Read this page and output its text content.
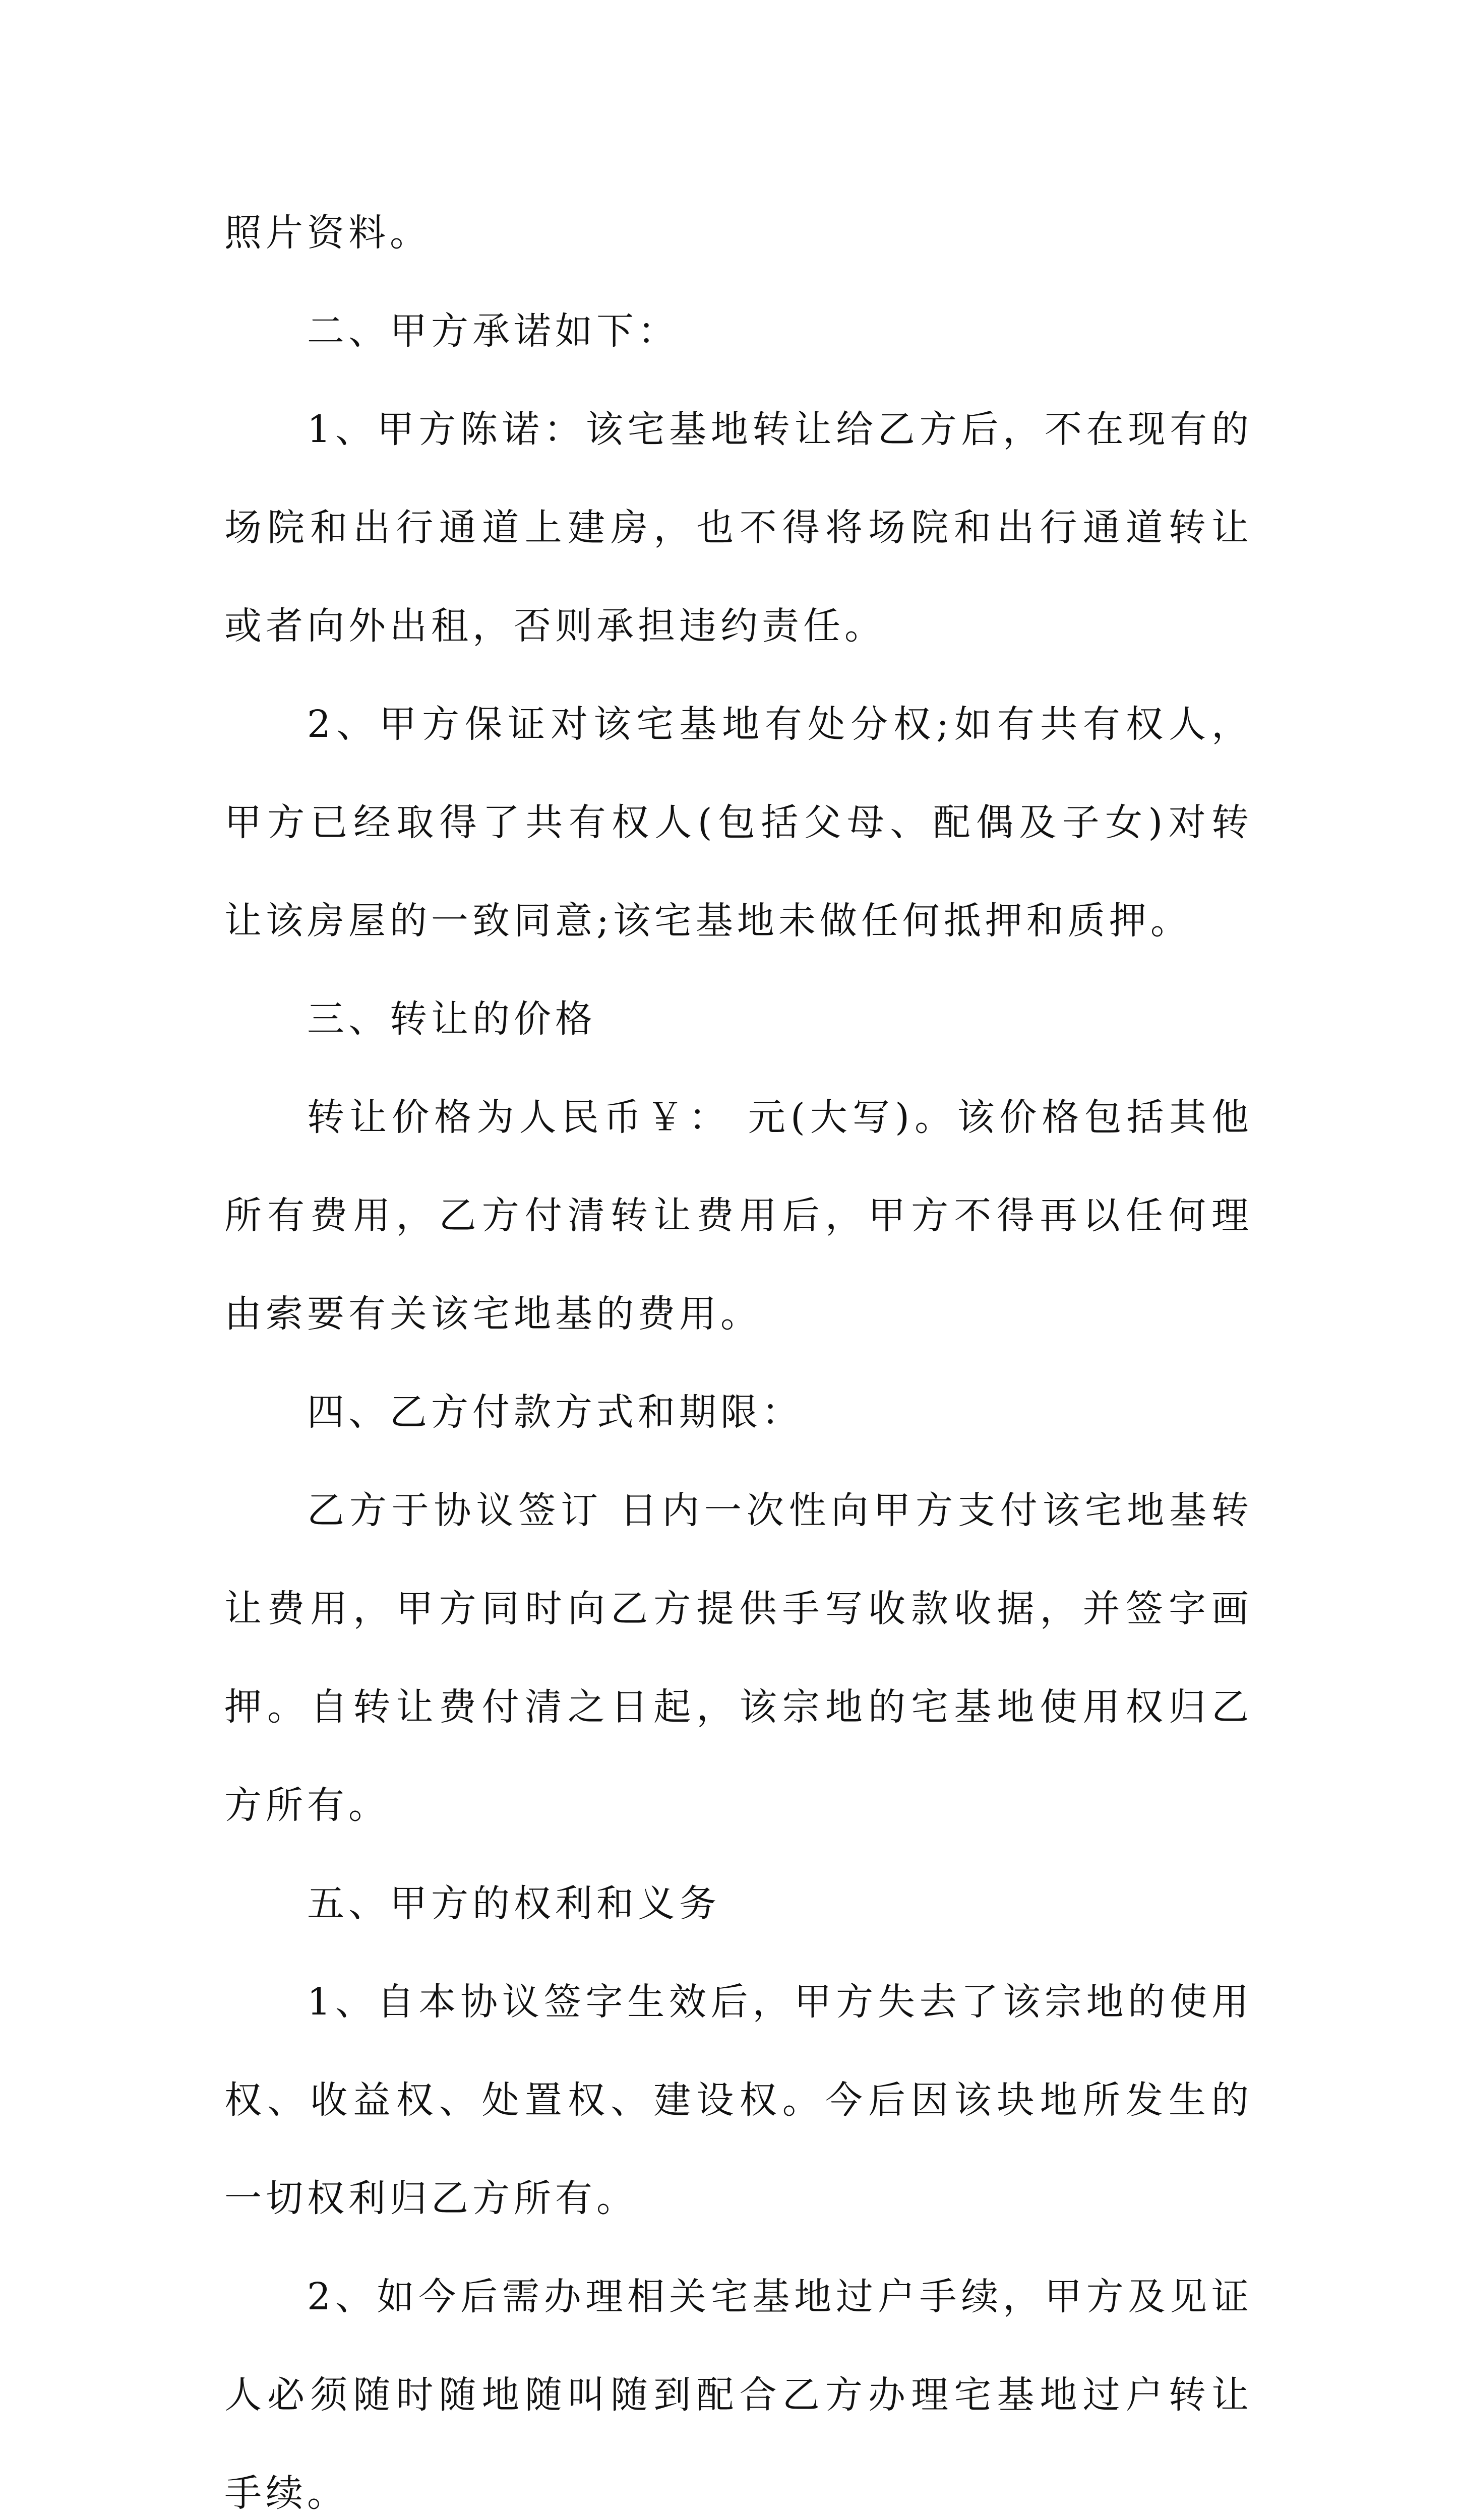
照片资料。

二、甲方承诺如下：

1、甲方陈诺：该宅基地转让给乙方后，不在现有的场院和出行通道上建房，也不得将场院和出行通道转让或者向外出租，否则承担违约责任。

2、甲方保证对该宅基地有处分权;如有共有权人，甲方已经取得了共有权人(包括父母、配偶及子女)对转让该房屋的一致同意;该宅基地未做任何抵押和质押。

三、转让的价格

转让价格为人民币￥： 元(大写)。该价格包括其他所有费用，乙方付清转让费用后，甲方不得再以任何理由索要有关该宅地基的费用。

四、乙方付款方式和期限：

乙方于协议签订 日内一次性向甲方支付该宅地基转让费用，甲方同时向乙方提供手写收款收据，并签字画押。自转让费付清之日起，该宗地的宅基地使用权归乙方所有。

五、甲方的权利和义务

1、自本协议签字生效后，甲方失去了该宗地的使用权、收益权、处置权、建设权。今后因该块地所发生的一切权利归乙方所有。

2、如今后需办理相关宅基地过户手续，甲方及见证人必须随时随地随叫随到配合乙方办理宅基地过户转让手续。
